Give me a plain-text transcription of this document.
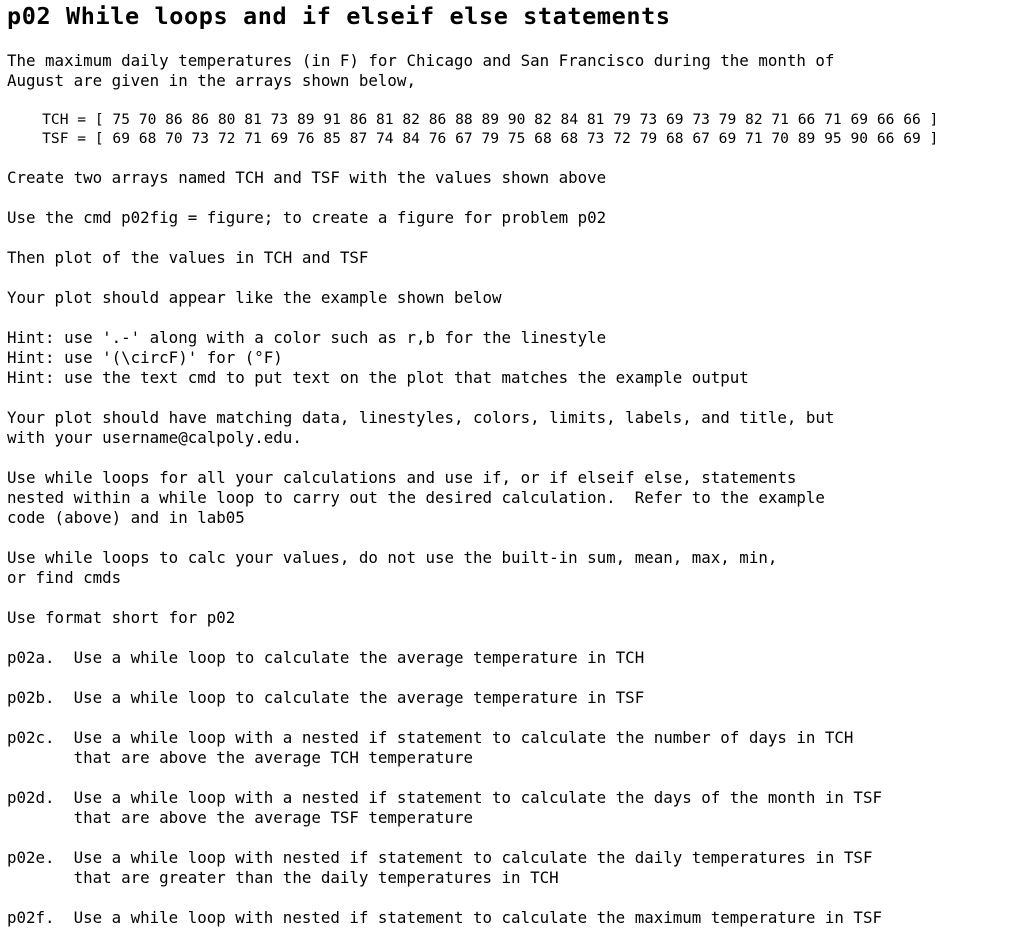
p02 While loops and if elseif else statements
The maximum daily temperatures (in F) for Chicago and San Francisco during the month of
August are given in the arrays shown below,
TCH = [ 75 70 86 86 80 81 73 89 91 86 81 82 86 88 89 90 82 84 81 79 73 69 73 79 82 71 66 71 69 66 66 ]
TSF = [ 69 68 70 73 72 71 69 76 85 87 74 84 76 67 79 75 68 68 73 72 79 68 67 69 71 70 89 95 90 66 69 ]
Create two arrays named TCH and TSF with the values shown above
Use the cmd p02fig = figure; to create a figure for problem p02
Then plot of the values in TCH and TSF
Your plot should appear like the example shown below
Hint: use '.-' along with a color such as r,b for the linestyle
Hint: use '(\circF)' for (°F)
Hint: use the text cmd to put text on the plot that matches the example output
Your plot should have matching data, linestyles, colors, limits, labels, and title, but
with your username@calpoly.edu.
Use while loops for all your calculations and use if, or if elseif else, statements
nested within a while loop to carry out the desired calculation.  Refer to the example
code (above) and in lab05
Use while loops to calc your values, do not use the built-in sum, mean, max, min,
or find cmds
Use format short for p02
p02a.  Use a while loop to calculate the average temperature in TCH
p02b.  Use a while loop to calculate the average temperature in TSF
p02c.  Use a while loop with a nested if statement to calculate the number of days in TCH
that are above the average TCH temperature
p02d.  Use a while loop with a nested if statement to calculate the days of the month in TSF
that are above the average TSF temperature
p02e.  Use a while loop with nested if statement to calculate the daily temperatures in TSF
that are greater than the daily temperatures in TCH
p02f.  Use a while loop with nested if statement to calculate the maximum temperature in TSF
